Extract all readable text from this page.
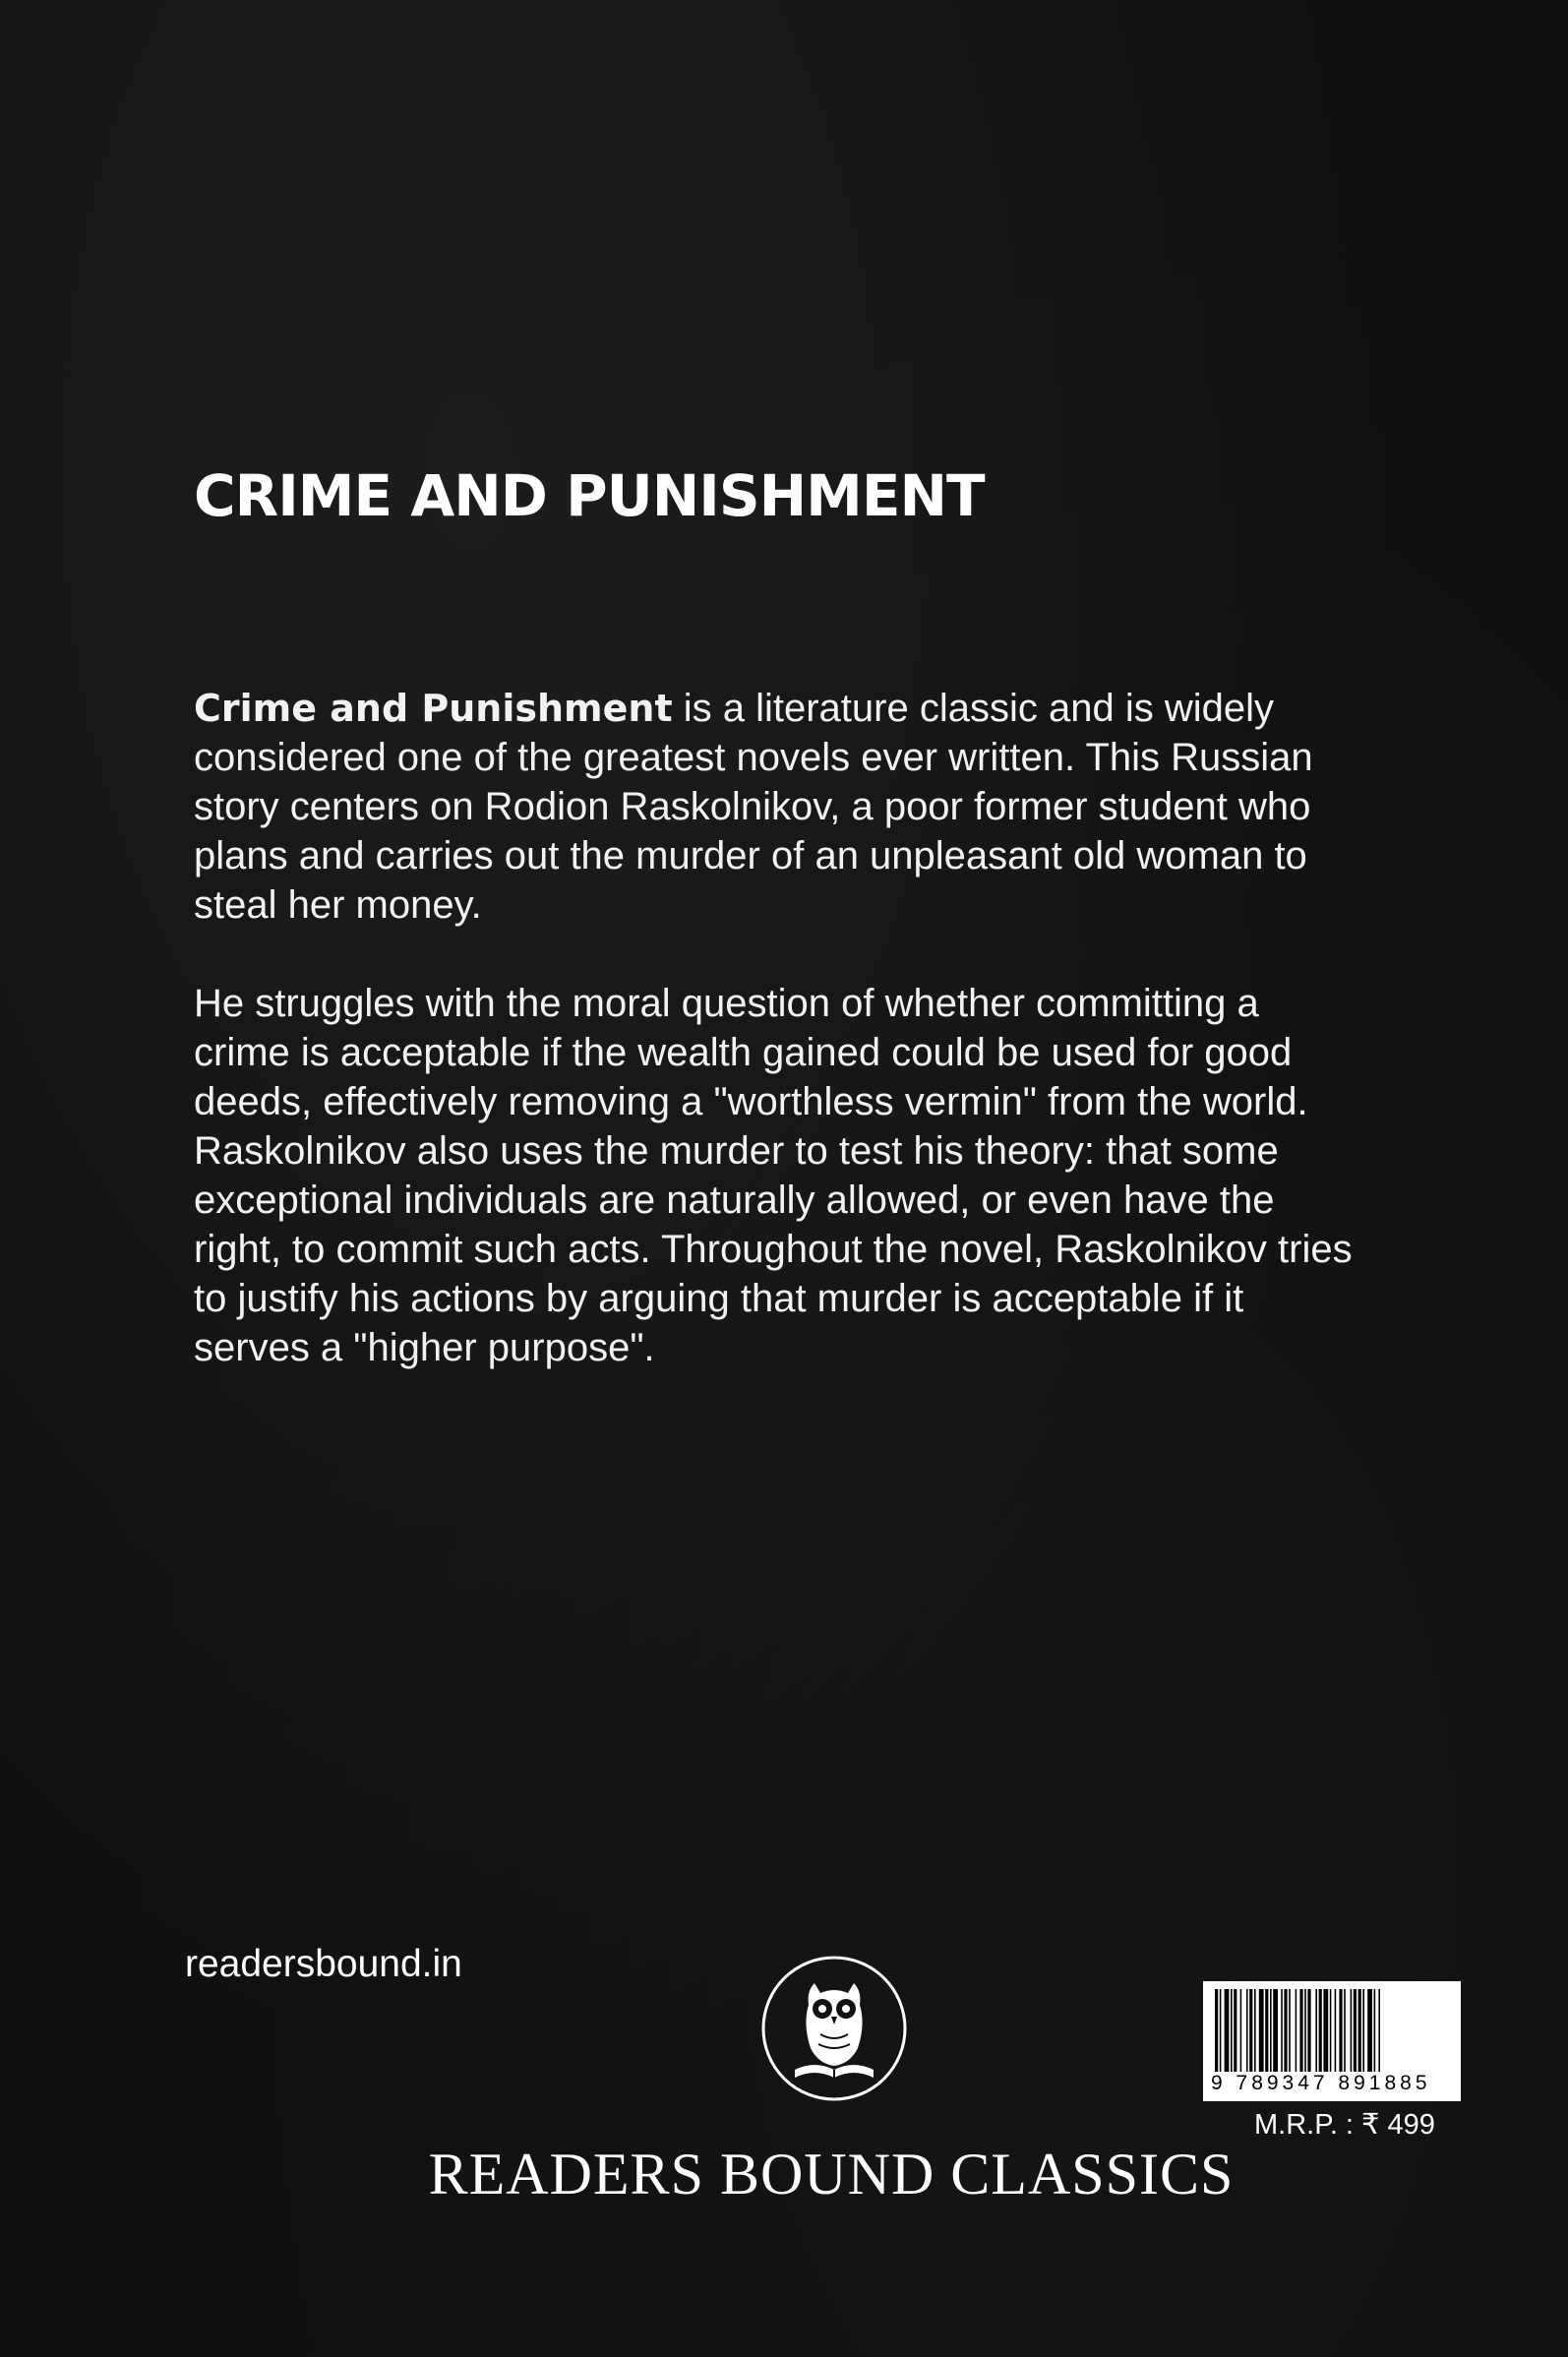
CRIME AND PUNISHMENT

Crime and Punishment is a literature classic and is widely considered one of the greatest novels ever written. This Russian story centers on Rodion Raskolnikov, a poor former student who plans and carries out the murder of an unpleasant old woman to steal her money.

He struggles with the moral question of whether committing a crime is acceptable if the wealth gained could be used for good deeds, effectively removing a "worthless vermin" from the world. Raskolnikov also uses the murder to test his theory: that some exceptional individuals are naturally allowed, or even have the right, to commit such acts. Throughout the novel, Raskolnikov tries to justify his actions by arguing that murder is acceptable if it serves a "higher purpose".

readersbound.in
READERS BOUND CLASSICS
9 789347 891885
M.R.P. : ₹ 499
